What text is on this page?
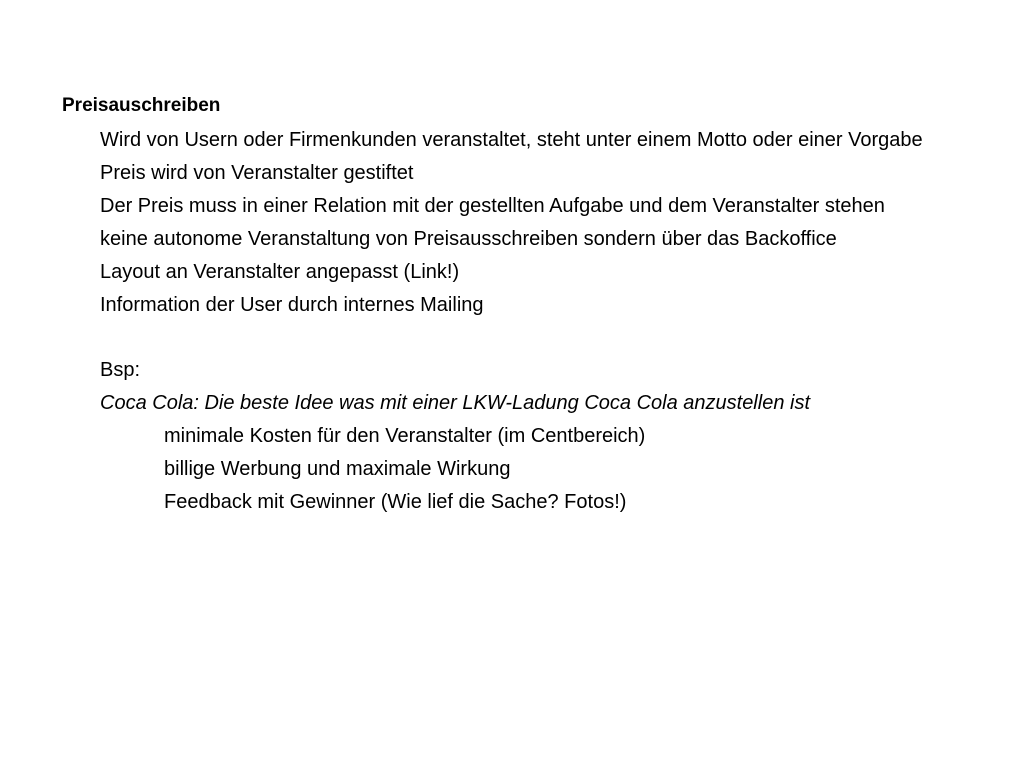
Preisauschreiben
Wird von Usern oder Firmenkunden veranstaltet, steht unter einem Motto oder einer Vorgabe
Preis wird von Veranstalter gestiftet
Der Preis muss in einer Relation mit der gestellten Aufgabe und dem Veranstalter stehen
keine autonome Veranstaltung von Preisausschreiben sondern über das Backoffice
Layout an Veranstalter angepasst (Link!)
Information der User durch internes Mailing
Bsp:
Coca Cola: Die beste Idee was mit einer LKW-Ladung Coca Cola anzustellen ist
minimale Kosten für den Veranstalter (im Centbereich)
billige Werbung und maximale Wirkung
Feedback mit Gewinner (Wie lief die Sache? Fotos!)
